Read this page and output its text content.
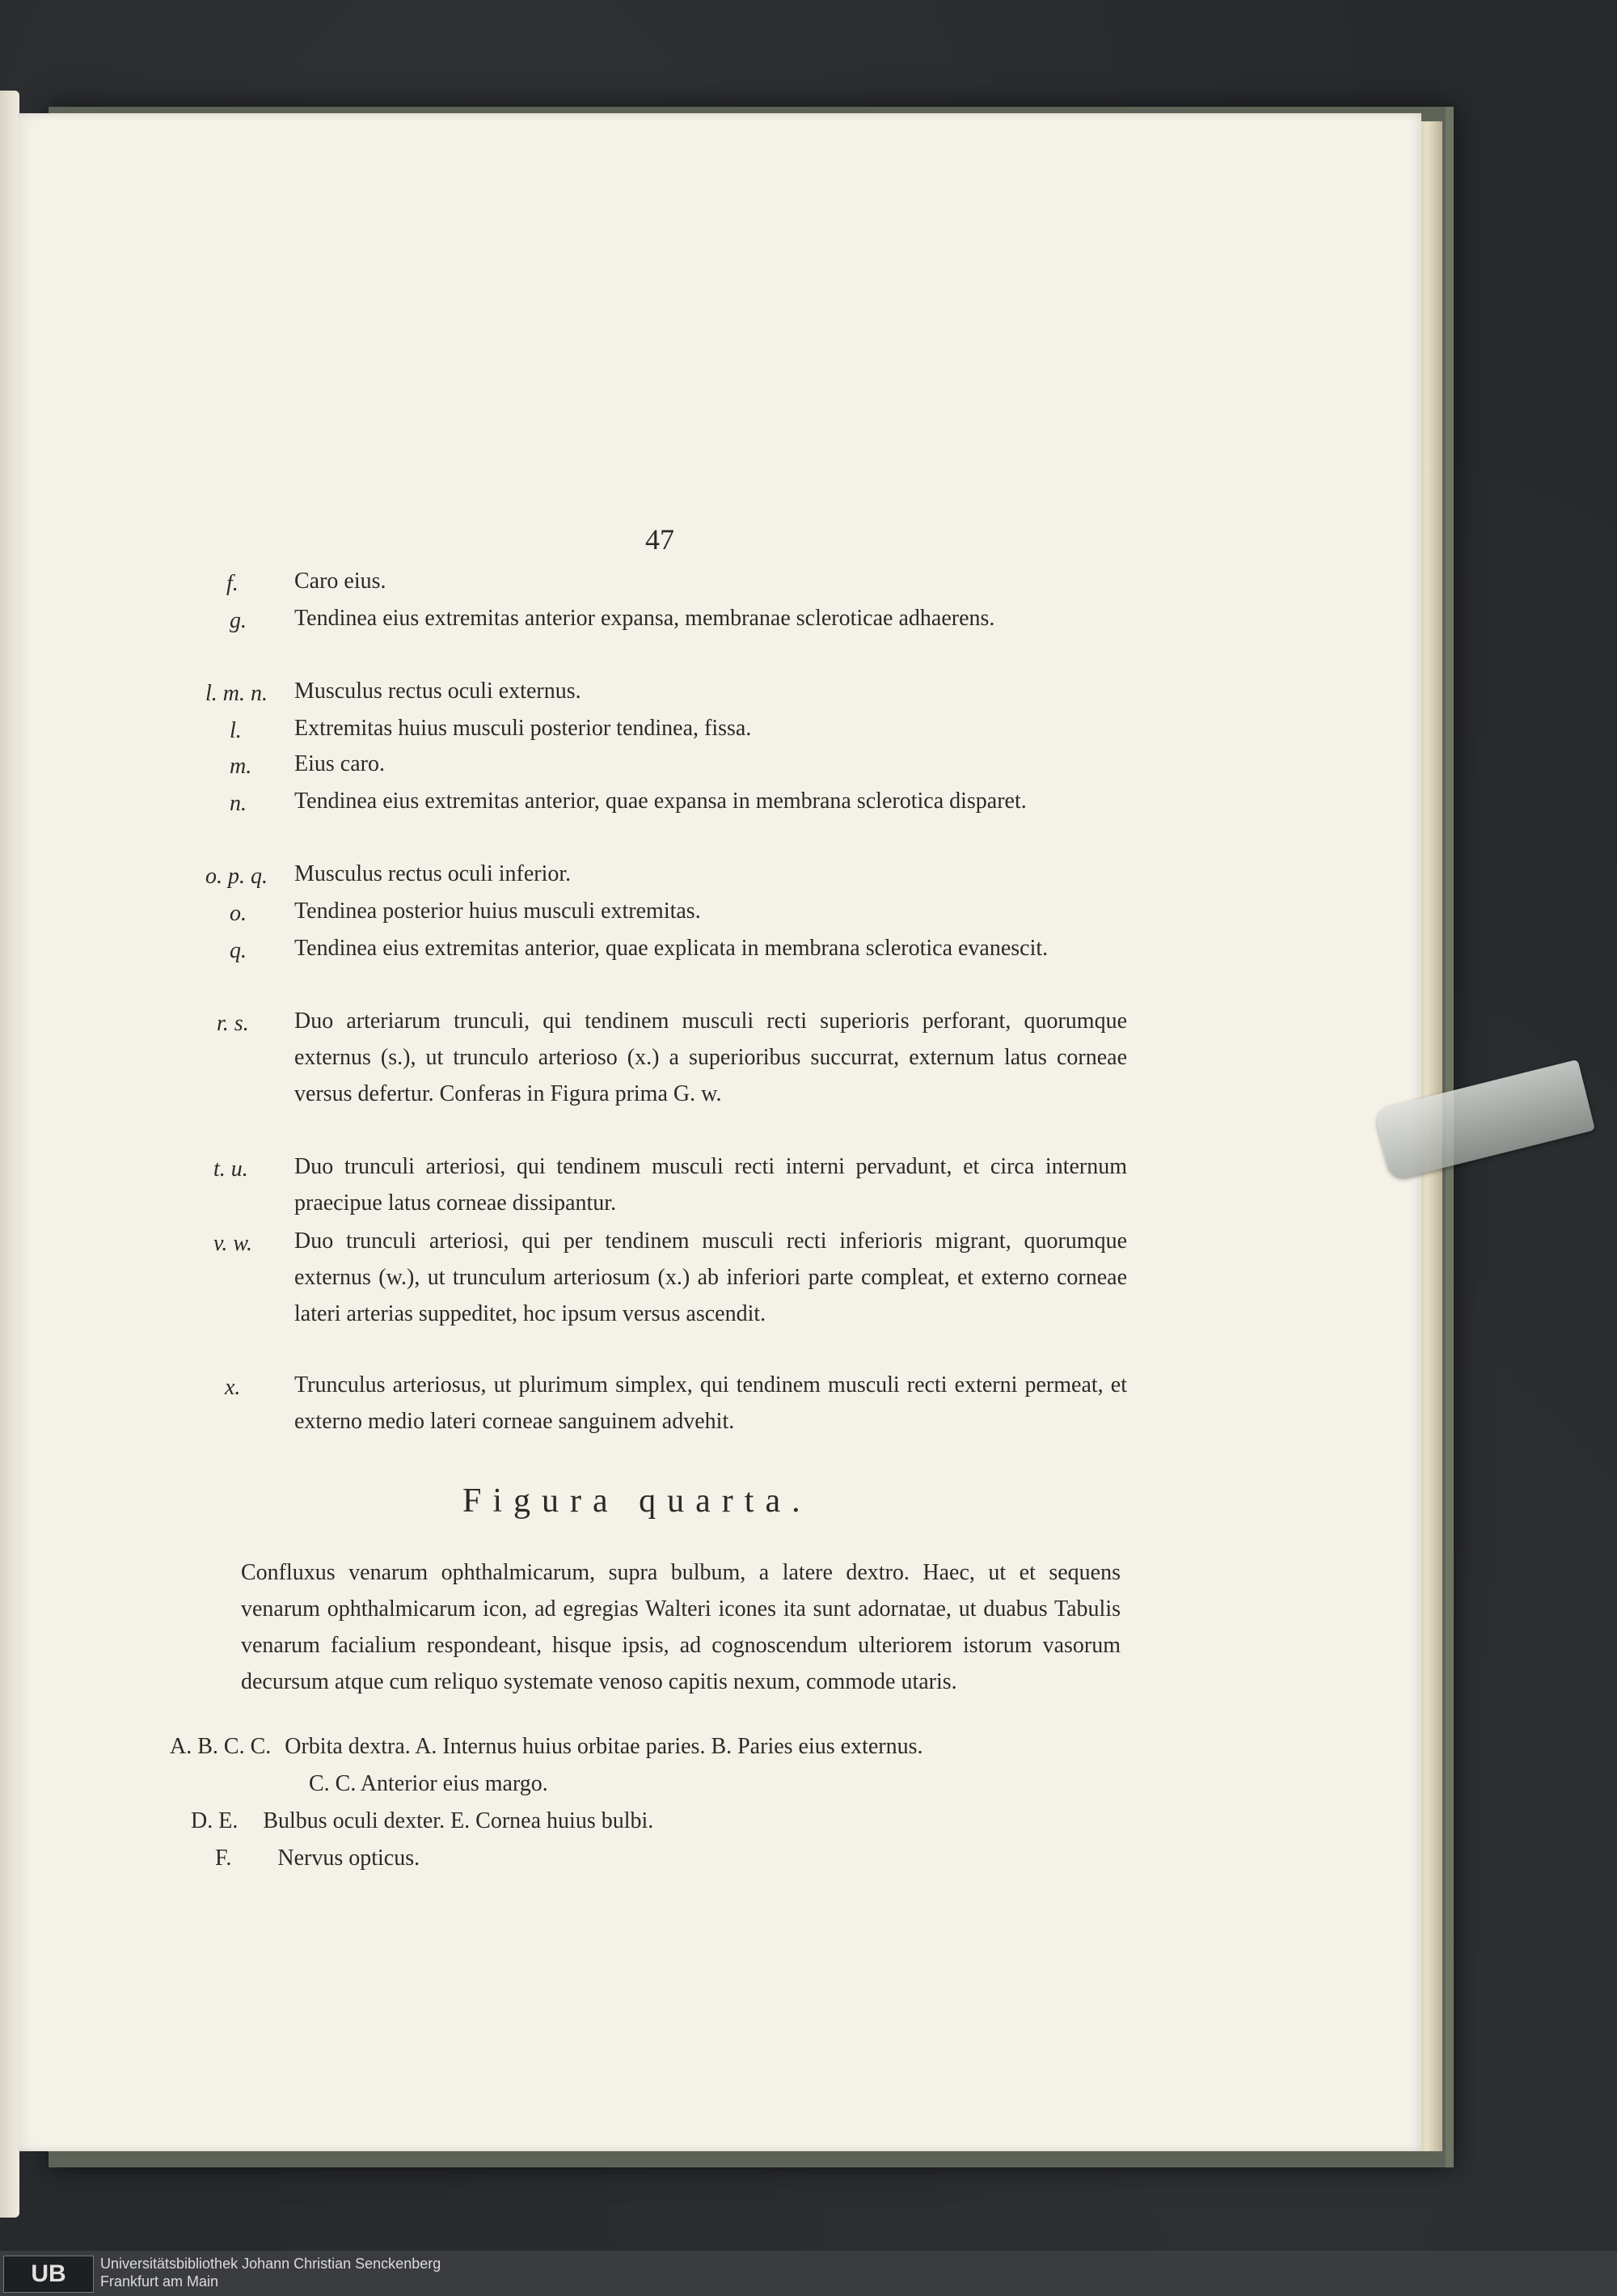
47
f. Caro eius.
g. Tendinea eius extremitas anterior expansa, membranae scleroticae adhaerens.
l. m. n. Musculus rectus oculi externus.
l. Extremitas huius musculi posterior tendinea, fissa.
m. Eius caro.
n. Tendinea eius extremitas anterior, quae expansa in membrana sclerotica disparet.
o. p. q. Musculus rectus oculi inferior.
o. Tendinea posterior huius musculi extremitas.
q. Tendinea eius extremitas anterior, quae explicata in membrana sclerotica evanescit.
r. s. Duo arteriarum trunculi, qui tendinem musculi recti superioris perforant, quorumque externus (s.), ut trunculo arterioso (x.) a superioribus succurrat, externum latus corneae versus defertur. Conferas in Figura prima G. w.
t. u. Duo trunculi arteriosi, qui tendinem musculi recti interni pervadunt, et circa internum praecipue latus corneae dissipantur.
v. w. Duo trunculi arteriosi, qui per tendinem musculi recti inferioris migrant, quorumque externus (w.), ut trunculum arteriosum (x.) ab inferiori parte compleat, et externo corneae lateri arterias suppeditet, hoc ipsum versus ascendit.
x. Trunculus arteriosus, ut plurimum simplex, qui tendinem musculi recti externi permeat, et externo medio lateri corneae sanguinem advehit.
Figura quarta.
Confluxus venarum ophthalmicarum, supra bulbum, a latere dextro. Haec, ut et sequens venarum ophthalmicarum icon, ad egregias Walteri icones ita sunt adornatae, ut duabus Tabulis venarum facialium respondeant, hisque ipsis, ad cognoscendum ulteriorem istorum vasorum decursum atque cum reliquo systemate venoso capitis nexum, commode utaris.
A. B. C. C. Orbita dextra. A. Internus huius orbitae paries. B. Paries eius externus.
C. C. Anterior eius margo.
D. E. Bulbus oculi dexter. E. Cornea huius bulbi.
F. Nervus opticus.
UB	Universitätsbibliothek Johann Christian Senckenberg
Frankfurt am Main
